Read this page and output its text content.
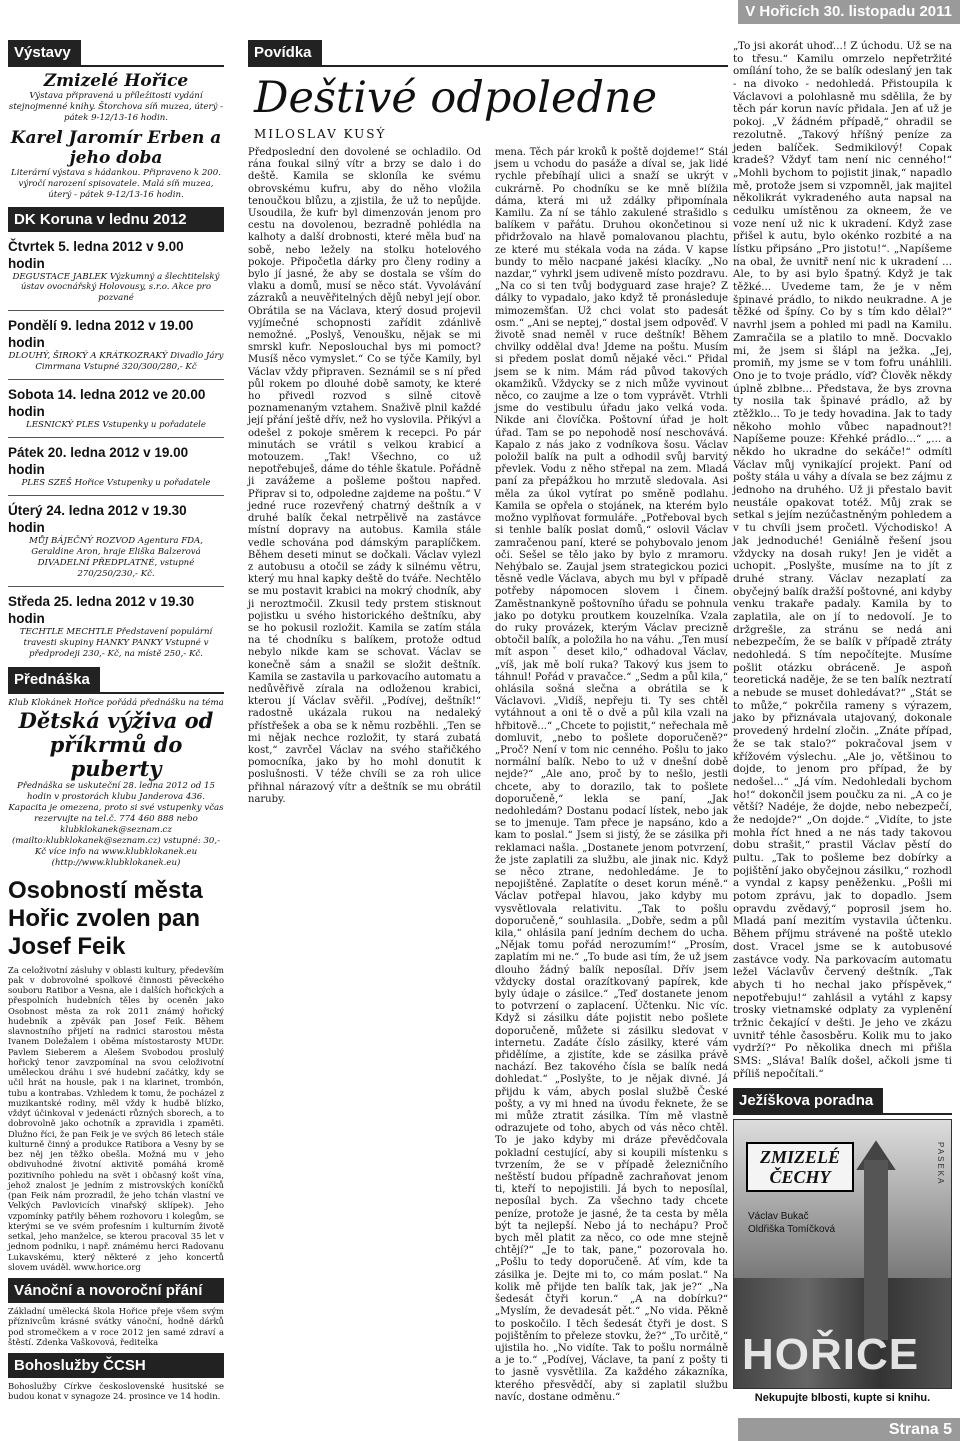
V Hořicích 30. listopadu 2011
Výstavy
Zmizelé Hořice
Výstava připravená u příležitosti vydání stejnojmenné knihy. Štorchova síň muzea, úterý - pátek 9-12/13-16 hodin.
Karel Jaromír Erben a jeho doba
Literární výstava s hádankou. Připraveno k 200. výročí narození spisovatele. Malá síň muzea, úterý - pátek 9-12/13-16 hodin.
DK Koruna v lednu 2012
Čtvrtek 5. ledna 2012 v 9.00 hodin
DEGUSTACE JABLEK Výzkumný a šlechtitelský ústav ovocnářský Holovousy, s.r.o. Akce pro pozvané
Pondělí 9. ledna 2012 v 19.00 hodin
DLOUHÝ, ŠIROKÝ A KRÁTKOZRAKÝ Divadlo Járy Cimrmana Vstupné 320/300/280,- Kč
Sobota 14. ledna 2012 ve 20.00 hodin
LESNICKÝ PLES Vstupenky u pořadatele
Pátek 20. ledna 2012 v 19.00 hodin
PLES SZEŠ Hořice Vstupenky u pořadatele
Úterý 24. ledna 2012 v 19.30 hodin
MŮJ BÁJEČNÝ ROZVOD Agentura FDA, Geraldine Aron, hraje Eliška Balzerová DIVADELNÍ PŘEDPLATNÉ, vstupné 270/250/230,- Kč.
Středa 25. ledna 2012 v 19.30 hodin
TECHTLE MECHTLE Představení populární travesti skupiny HANKY PANKY Vstupné v předprodeji 230,- Kč, na místě 250,- Kč.
Přednáška
Klub Klokánek Hořice pořádá přednášku na téma
Dětská výživa od příkrmů do puberty
Přednáška se uskuteční 28. ledna 2012 od 15 hodin v prostorách klubu Janderova 436. Kapacita je omezena, proto si své vstupenky včas rezervujte na tel.č. 774 460 888 nebo klubklokanek@seznam.cz (mailto:klubklokanek@seznam.cz) vstupné: 30,- Kč více info na www.klubklokanek.eu (http://www.klubklokanek.eu)
Osobností města Hořic zvolen pan Josef Feik
Za celoživotní zásluhy v oblasti kultury, především pak v dobrovolné spolkové činnosti pěveckého souboru Ratibor a Vesna, ale i dalších hořických a přespolních hudebních těles by oceněn jako Osobnost města za rok 2011 známý hořický hudebník a zpěvák pan Josef Feik. Během slavnostního přijetí na radnici starostou města Ivanem Doležalem i oběma místostarosty MUDr. Pavlem Sieberem a Alešem Svobodou proslulý hořický tenor zavzpomínal na svou celoživotní uměleckou dráhu i své hudební začátky, kdy se učil hrát na housle, pak i na klarinet, trombón, tubu a kontrabas. Vzhledem k tomu, že pocházel z muzikantské rodiny, měl vždy k hudbě blízko, vždyť účinkoval v jedenácti různých sborech, a to dobrovolně jako ochotník a zpravidla i zpaměti. Dlužno říci, že pan Feik je ve svých 86 letech stále kulturně činný a produkce Ratibora a Vesny by se bez něj jen těžko obešla. Možná mu v jeho obdivuhodné životní aktivitě pomáhá kromě pozitivního pohledu na svět i občasný košt vína, jehož znalost je jedním z mistrovských koníčků (pan Feik nám prozradil, že jeho tchán vlastní ve Velkých Pavlovicích vinařský sklípek). Jeho vzpomínky patřily během rozhovoru i kolegům, se kterými se ve svém profesním i kulturním životě setkal, jeho manželce, se kterou pracoval 35 let v jednom podniku, i např. známému herci Radovanu Lukavskému, který některé z jeho koncertů slovem uváděl. www.horice.org
Vánoční a novoroční přání
Základní umělecká škola Hořice přeje všem svým příznivcům krásné svátky vánoční, hodně dárků pod stromečkem a v roce 2012 jen samé zdraví a štěstí. Zdenka Vaškovová, ředitelka
Bohoslužby ČCSH
Bohoslužby Církve československé husitské se budou konat v synagoze 24. prosince ve 14 hodin.
Povídka
Deštivé odpoledne
MILOSLAV KUSÝ
Předposlední den dovolené se ochladilo. Od rána foukal silný vítr a brzy se dalo i do deště. Kamila se skloníla ke svému obrovskému kufru, aby do něho vložila tenoučkou blůzu, a zjistila, že už to nepůjde. Usoudila, že kufr byl dimenzován jenom pro cestu na dovolenou, bezradně pohlédla na kalhoty a další drobnosti, které měla buď na sobě, nebo ležely na stolku hotelového pokoje. Připočetla dárky pro členy rodiny a bylo jí jasné, že aby se dostala se vším do vlaku a domů, musí se něco stát. Vyvolávání zázraků a neuvěřitelných dějů nebyl její obor. Obrátila se na Václava, který dosud projevil vyjímečné schopnosti zařídit zdánlivě nemožné. „Poslyš, Venoušku, nějak se mi smrskl kufr. Neposlouchal bys mi pomoct? Musíš něco vymyslet.“ Co se týče Kamily, byl Václav vždy připraven. Seznámil se s ní před půl rokem po dlouhé době samoty, ke které ho přivedl rozvod s silně citově poznamenaným vztahem. Snaživě plnil každé její přání ještě dřív, než ho vyslovila. Přikývl a odešel z pokoje směrem k recepci. Po pár minutách se vrátil s velkou krabicí a motouzem. „Tak! Všechno, co už nepotřebuješ, dáme do téhle škatule. Pořádně ji zavážeme a pošleme poštou napřed. Připrav si to, odpoledne zajdeme na poštu.“ V jedné ruce rozevřený chatrný deštník a v druhé balík čekal netrpělivě na zastávce místní dopravy na autobus. Kamila stále vedle schována pod dámským paraplíčkem. Během deseti minut se dočkali. Václav vylezl z autobusu a otočil se zády k silnému větru, který mu hnal kapky deště do tváře. Nechtělo se mu postavit krabici na mokrý chodník, aby ji neroztmočil. Zkusil tedy prstem stisknout pojistku u svého historického deštníku, aby se ho pokusil rozložit. Kamila se zatím stála na té chodníku s balíkem, protože odtud nebylo nikde kam se schovat. Václav se konečně sám a snažil se složit deštník. Kamila se zastavila u parkovacího automatu a nedůvěřivě zírala na odloženou krabici, kterou jí Václav svěřil. „Podívej, deštník!“ radostně ukázala rukou na nedaleký přístřešek a oba se k němu rozběhli. „Ten se mi nějak nechce rozložit, ty stará zubatá kost,“ zavrčel Václav na svého stařičkého pomocníka, jako by ho mohl donutit k poslušnosti. V téže chvíli se za roh ulice přihnal nárazový vítr a deštník se mu obrátil naruby.
mena. Těch pár kroků k poště dojdeme!“ Stál jsem u vchodu do pasáže a díval se, jak lidé rychle přebíhají ulici a snaží se ukrýt v cukrárně. Po chodníku se ke mně blížila dáma, která mi už zdálky připomínala Kamilu. Za ní se táhlo zakulené strašidlo s balíkem v pařátu. Druhou okončetinou si přidržovalo na hlavě pomalovanou plachtu, ze které mu stékala voda na záda. V kapse bundy to mělo nacpané jakési klacíky. „No nazdar,“ vyhrkl jsem udiveně místo pozdravu. „Na co si ten tvůj bodyguard zase hraje? Z dálky to vypadalo, jako když tě pronásleduje mimozemšťan. Už chci volat sto padesát osm.“ „Ani se neptej,“ dostal jsem odpověď. V životě snad neměl v ruce deštník! Během chvilky oddělal dva! Jdeme na poštu. Musím si předem poslat domů nějaké věci.“ Přidal jsem se k nim. Mám rád původ takových okamžiků. Vždycky se z nich může vyvinout něco, co zaujme a lze o tom vyprávět. Vtrhli jsme do vestibulu úřadu jako velká voda. Nikde ani človíčka. Poštovní úřad je holt úřad. Tam se po nepohodě nosí neschovává. Kapalo z nás jako z vodníkova šosu. Václav položil balík na pult a odhodil svůj barvitý převlek. Vodu z něho střepal na zem. Mladá paní za přepážkou ho mrzutě sledovala. Asi měla za úkol vytírat po směně podlahu. Kamila se opřela o stojánek, na kterém bylo možno vyplňovat formuláře. „Potřeboval bych si tenhle balík poslat domů,“ oslovil Václav zamračenou paní, které se pohybovalo jenom oči. Sešel se tělo jako by bylo z mramoru. Nehýbalo se. Zaujal jsem strategickou pozici těsně vedle Václava, abych mu byl v případě potřeby nápomocen slovem i činem. Zaměstnankyně poštovního úřadu se pohnula jako po dotyku proutkem kouzelníka. Vzala do ruky provázek, kterým Václav precizně obtočil balík, a položila ho na váhu. „Ten musí mít asponˇ deset kilo,“ odhadoval Václav, „víš, jak mě bolí ruka? Takový kus jsem to táhnul! Pořád v pravačce.“ „Sedm a půl kila,“ ohlásila sošná slečna a obrátila se k Václavovi. „Vidíš, nepřeju ti. Ty ses chtěl vytáhnout a oni tě o dvě a půl kila vzali na hřbitově...“ „Chcete to pojistit,“ neřechala mě domluvit, „nebo to pošlete doporučeně?“ „Proč? Není v tom nic cenného. Pošlu to jako normální balík. Nebo to už v dnešní době nejde?“ „Ale ano, proč by to nešlo, jestli chcete, aby to dorazilo, tak to pošlete doporučeně,“ lekla se paní, „Jak nedohledám? Dostanu podací lístek, nebo jak se to jmenuje. Tam přece je napsáno, kdo a kam to poslal.“ Jsem si jistý, že se zásilka při reklamaci našla. „Dostanete jenom potvrzení, že jste zaplatili za službu, ale jinak nic. Když se něco ztrane, nedohledáme. Je to nepojištěné. Zaplatíte o deset korun méně.“ Václav potřepal hlavou, jako kdyby mu vysvětlovala relativitu. „Tak to pošlu doporučeně,“ souhlasila. „Dobře, sedm a půl kila,“ ohlásila paní jedním dechem do ucha. „Nějak tomu pořád nerozumím!“ „Prosím, zaplatím mi ne.“ „To bude asi tím, že už jsem dlouho žádný balík neposílal. Dřív jsem vždycky dostal orazítkovaný papírek, kde byly údaje o zásilce.“ „Teď dostanete jenom to potvrzení o zaplacení. Účtenku. Nic víc. Když si zásilku dáte pojistit nebo pošlete doporučeně, můžete si zásilku sledovat v internetu. Zadáte číslo zásilky, které vám přidělíme, a zjistíte, kde se zásilka právě nachází. Bez takového čísla se balík nedá dohledat.“ „Poslyšte, to je nějak divné. Já přijdu k vám, abych poslal službě České pošty, a vy mi hned na úvodu řeknete, že se mi může ztratit zásilka. Tím mě vlastně odrazujete od toho, abych od vás něco chtěl. To je jako kdyby mi dráze převědčovala pokladní cestující, aby si koupili místenku s tvrzením, že se v případě železničního neštěstí budou případně zachraňovat jenom ti, kteří to nepojistili. Já bych to neposílal, neposílal bych. Za všechno tady chcete peníze, protože je jasné, že ta cesta by měla být ta nejlepší. Nebo já to nechápu? Proč bych měl platit za něco, co ode mne stejně chtějí?“ „Je to tak, pane,“ pozorovala ho. „Pošlu to tedy doporučeně. Ať vím, kde ta zásilka je. Dejte mi to, co mám poslat.“ Na kolik mě přijde ten balík tak, jak je?“ „Na šedesát čtyři korun.“ „A na dobírku?“ „Myslím, že devadesát pět.“ „No vida. Pěkně to poskočilo. I těch šedesát čtyři je dost. S pojištěním to přeleze stovku, že?“ „To určitě,“ ujistila ho. „No vidíte. Tak to pošlu normálně a je to.“ „Podívej, Václave, ta paní z pošty ti to jasně vysvětlila. Za každého zákazníka, kterého přesvědčí, aby si zaplatil službu navíc, dostane odměnu.“
„To jsi akorát uhoď...! Z úchodu. Už se na to třesu.“ Kamilu omrzelo nepřetržité omílání toho, že se balík odeslaný jen tak - na divoko - nedohledá. Přistoupila k Václavovi a polohlasně mu sdělila, že by těch pár korun navíc přidala. Jen ať už je pokoj. „V žádném případě,“ ohradil se rezolutně. „Takový hříšný peníze za jeden balíček. Sedmikilový! Copak kradeš? Vždyť tam není nic cenného!“ „Mohli bychom to pojistit jinak,“ napadlo mě, protože jsem si vzpomněl, jak majitel několikrát vykradeného auta napsal na cedulku umístěnou za okneem, že ve voze není už nic k ukradení. Když zase přišel k autu, bylo okénko rozbité a na lístku připsáno „Pro jistotu!“. „Napíšeme na obal, že uvnitř není nic k ukradení ... Ale, to by asi bylo špatný. Když je tak těžké... Uvedeme tam, že je v něm špinavé prádlo, to nikdo neukradne. A je těžké od špíny. Co by s tím kdo dělal?“ navrhl jsem a pohled mi padl na Kamilu. Zamračila se a platilo to mně. Docvaklo mi, že jsem si šlápl na ježka. „Jej, promiň, my jsme se v tom fofru unáhlili. Ono je to tvoje prádlo, víď? Člověk někdy úplně zblbne... Představa, že bys zrovna ty nosila tak špinavé prádlo, až by ztěžklo... To je tedy hovadina. Jak to tady někoho mohlo vůbec napadnout?! Napíšeme pouze: Křehké prádlo...“ „... a někdo ho ukradne do sekáče!“ odmítl Václav můj vynikající projekt. Paní od pošty stála u váhy a dívala se bez zájmu z jednoho na druhého. Už ji přestalo bavit neustále opakovat totéž. Můj zrak se setkal s jejím nezúčastněným pohledem a v tu chvíli jsem pročetl. Východisko! A jak jednoduché! Geniálně řešení jsou vždycky na dosah ruky! Jen je vidět a uchopit. „Poslyšte, musíme na to jít z druhé strany. Václav nezaplatí za obyčejný balík dražší poštovné, ani kdyby venku trakaře padaly. Kamila by to zaplatila, ale on jí to nedovolí. Je to držgrešle, za stránu se nedá ani nebezpečím, že se balík v případě ztráty nedohledá. S tím nepočítejte. Musíme pošlit otázku obráceně. Je aspoň teoretická naděje, že se ten balík neztratí a nebude se muset dohledávat?“ „Stát se to může,“ pokrčila rameny s výrazem, jako by přiznávala utajovaný, dokonale provedený hrdelní zločin. „Znáte případ, že se tak stalo?“ pokračoval jsem v křížovém výslechu. „Ale jo, většinou to dojde, to jenom pro případ, že by nedošel...“ „Já vím. Nedohledali bychom ho!“ dokončil jsem poučku za ni. „A co je větší? Nadéje, že dojde, nebo nebezpečí, že nedojde?“ „On dojde.“ „Vidíte, to jste mohla říct hned a ne nás tady takovou dobu strašit,“ prastil Václav pěstí do pultu. „Tak to pošleme bez dobírky a pojištění jako obyčejnou zásilku,“ rozhodl a vyndal z kapsy peněženku. „Pošli mi potom zprávu, jak to dopadlo. Jsem opravdu zvědavý,“ poprosil jsem ho. Mladá paní mezitím vystavila účtenku. Během příjmu strávené na poště uteklo dost. Vracel jsme se k autobusové zastávce vody. Na parkovacím automatu ležel Václavův červený deštník. „Tak abych ti ho nechal jako příspěvek,“ nepotřebuju!“ zahlásil a vytáhl z kapsy trosky vietnamské odplaty za vyplenění tržnic čekající v dešti. Je jeho ve zkázu uvnitř téhle časosběru. Kolik mu to jako vydrží?“ Po několika dnech mi přišla SMS: „Sláva! Balík došel, ačkoli jsme ti příliš nepočítali.“
Ježíškova poradna
ZMIZELÉ ČECHY
Václav Bukač
Oldřiška Tomíčková
PASEKA
HOŘICE
Nekupujte blbosti, kupte si knihu.
Strana 5
